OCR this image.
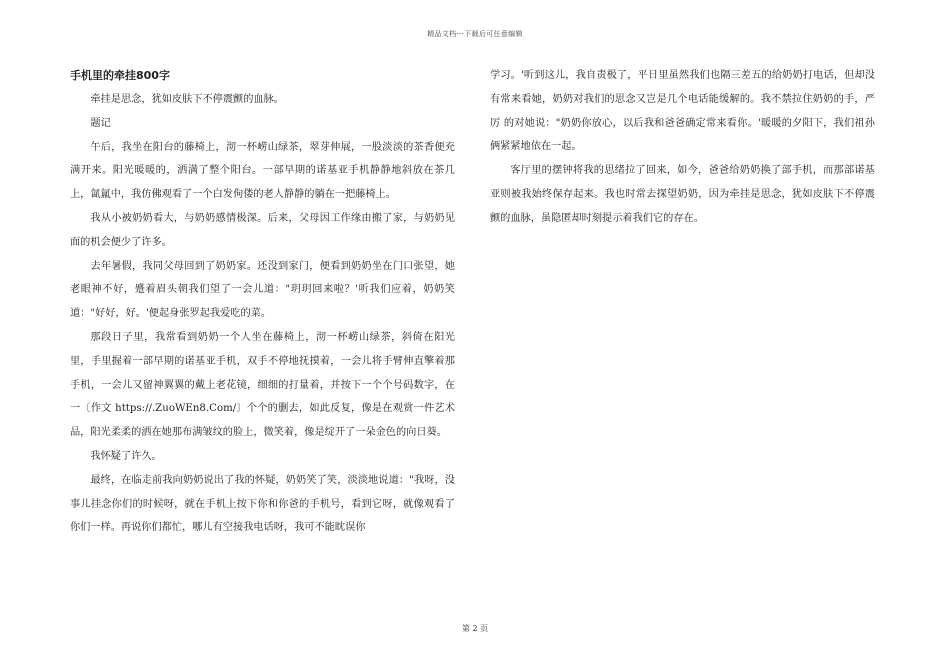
精品文档---下载后可任意编辑
手机里的牵挂800字

牵挂是思念，犹如皮肤下不停震颤的血脉。

题记

午后，我坐在阳台的藤椅上，沏一杯崂山绿茶，翠芽伸展，一股淡淡的茶香便充满开来。阳光暖暖的，洒满了整个阳台。一部早期的诺基亚手机静静地斜放在茶几上，氤氲中，我仿佛观看了一个白发佝偻的老人静静的躺在一把藤椅上。

我从小被奶奶看大，与奶奶感情极深。后来，父母因工作缘由搬了家，与奶奶见面的机会便少了许多。

去年暑假，我同父母回到了奶奶家。还没到家门，便看到奶奶坐在门口张望，她老眼神不好，蹙着眉头朝我们望了一会儿道："玥玥回来啦？'听我们应着，奶奶笑道："好好，好。'便起身张罗起我爱吃的菜。

那段日子里，我常看到奶奶一个人坐在藤椅上，沏一杯崂山绿茶，斜倚在阳光里，手里握着一部早期的诺基亚手机，双手不停地抚摸着，一会儿将手臂伸直擎着那手机，一会儿又留神翼翼的戴上老花镜，细细的打量着，并按下一个个号码数字，在一〔作文 https://.ZuoWEn8.Com/〕个个的删去，如此反复，像是在观赏一件艺术品，阳光柔柔的洒在她那布满皱纹的脸上，微笑着，像是绽开了一朵金色的向日葵。

我怀疑了许久。

最终，在临走前我向奶奶说出了我的怀疑，奶奶笑了笑，淡淡地说道："我呀，没事儿挂念你们的时候呀，就在手机上按下你和你爸的手机号，看到它呀，就像观看了你们一样。再说你们都忙，哪儿有空接我电话呀，我可不能眈误你

学习。'听到这儿，我自责极了，平日里虽然我们也隔三差五的给奶奶打电话，但却没有常来看她，奶奶对我们的思念又岂是几个电话能缓解的。我不禁拉住奶奶的手，严厉 的对她说："奶奶你放心，以后我和爸爸确定常来看你。'暖暖的夕阳下，我们祖孙俩紧紧地依在一起。

客厅里的摆钟将我的思绪拉了回来，如今，爸爸给奶奶换了部手机，而那部诺基亚则被我始终保存起来。我也时常去探望奶奶，因为牵挂是思念，犹如皮肤下不停震颤的血脉，虽隐匿却时刻提示着我们它的存在。

第 2 页
